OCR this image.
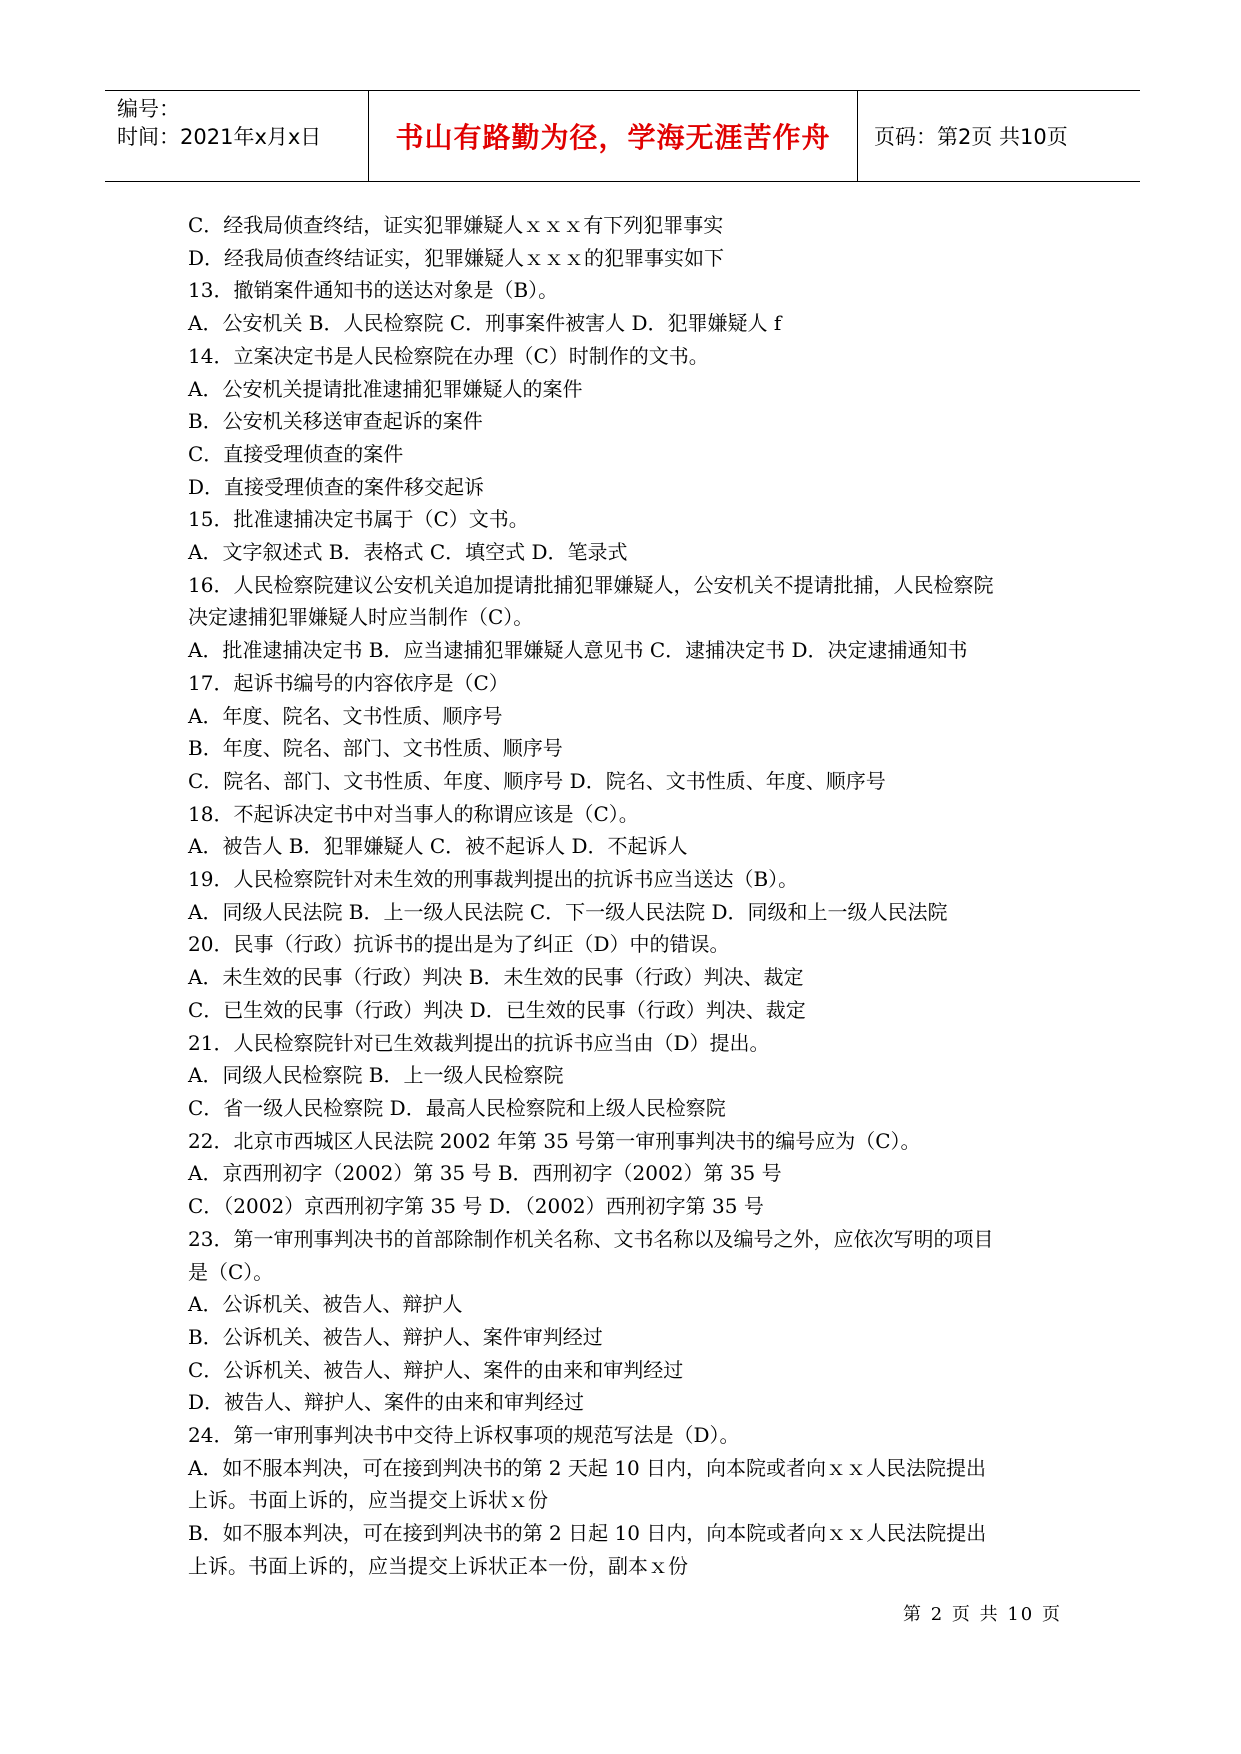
编号：
时间：2021年x月x日	书山有路勤为径，学海无涯苦作舟	页码：第2页 共10页

C．经我局侦查终结，证实犯罪嫌疑人ｘｘｘ有下列犯罪事实

D．经我局侦查终结证实，犯罪嫌疑人ｘｘｘ的犯罪事实如下

13．撤销案件通知书的送达对象是（B）。

A．公安机关 B．人民检察院 C．刑事案件被害人 D．犯罪嫌疑人 f

14．立案决定书是人民检察院在办理（C）时制作的文书。

A．公安机关提请批准逮捕犯罪嫌疑人的案件

B．公安机关移送审查起诉的案件

C．直接受理侦查的案件

D．直接受理侦查的案件移交起诉

15．批准逮捕决定书属于（C）文书。

A．文字叙述式 B．表格式 C．填空式 D．笔录式

16．人民检察院建议公安机关追加提请批捕犯罪嫌疑人，公安机关不提请批捕，人民检察院

决定逮捕犯罪嫌疑人时应当制作（C）。

A．批准逮捕决定书 B．应当逮捕犯罪嫌疑人意见书 C．逮捕决定书 D．决定逮捕通知书

17．起诉书编号的内容依序是（C）

A．年度、院名、文书性质、顺序号

B．年度、院名、部门、文书性质、顺序号

C．院名、部门、文书性质、年度、顺序号 D．院名、文书性质、年度、顺序号

18．不起诉决定书中对当事人的称谓应该是（C）。

A．被告人 B．犯罪嫌疑人 C．被不起诉人 D．不起诉人

19．人民检察院针对未生效的刑事裁判提出的抗诉书应当送达（B）。

A．同级人民法院 B．上一级人民法院 C．下一级人民法院 D．同级和上一级人民法院

20．民事（行政）抗诉书的提出是为了纠正（D）中的错误。

A．未生效的民事（行政）判决 B．未生效的民事（行政）判决、裁定

C．已生效的民事（行政）判决 D．已生效的民事（行政）判决、裁定

21．人民检察院针对已生效裁判提出的抗诉书应当由（D）提出。

A．同级人民检察院 B．上一级人民检察院

C．省一级人民检察院 D．最高人民检察院和上级人民检察院

22．北京市西城区人民法院 2002 年第 35 号第一审刑事判决书的编号应为（C）。

A．京西刑初字（2002）第 35 号 B．西刑初字（2002）第 35 号

C．（2002）京西刑初字第 35 号 D．（2002）西刑初字第 35 号

23．第一审刑事判决书的首部除制作机关名称、文书名称以及编号之外，应依次写明的项目

是（C）。

A．公诉机关、被告人、辩护人

B．公诉机关、被告人、辩护人、案件审判经过

C．公诉机关、被告人、辩护人、案件的由来和审判经过

D．被告人、辩护人、案件的由来和审判经过

24．第一审刑事判决书中交待上诉权事项的规范写法是（D）。

A．如不服本判决，可在接到判决书的第 2 天起 10 日内，向本院或者向ｘｘ人民法院提出

上诉。书面上诉的，应当提交上诉状ｘ份

B．如不服本判决，可在接到判决书的第 2 日起 10 日内，向本院或者向ｘｘ人民法院提出

上诉。书面上诉的，应当提交上诉状正本一份，副本ｘ份

第 2 页 共 10 页
